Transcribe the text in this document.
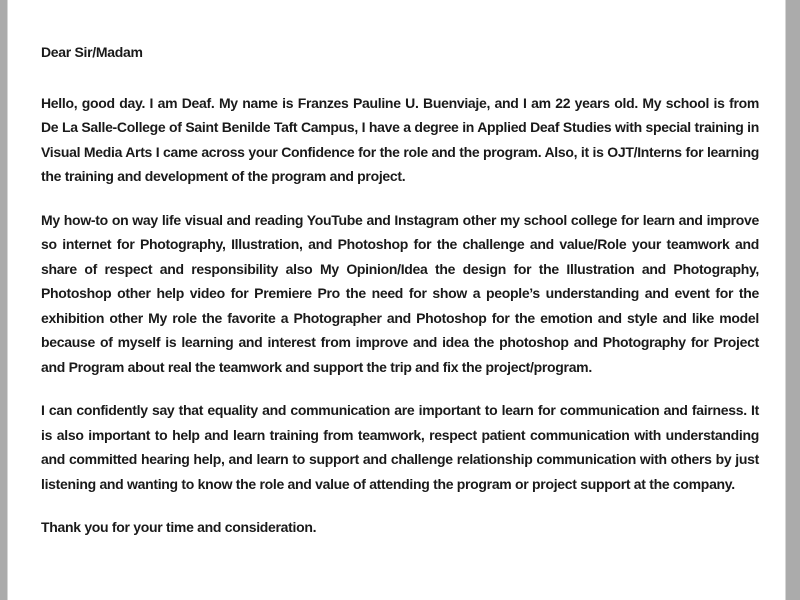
Dear Sir/Madam

Hello, good day. I am Deaf. My name is Franzes Pauline U. Buenviaje, and I am 22 years old. My school is from De La Salle-College of Saint Benilde Taft Campus, I have a degree in Applied Deaf Studies with special training in Visual Media Arts I came across your Confidence for the role and the program. Also, it is OJT/Interns for learning the training and development of the program and project.

My how-to on way life visual and reading YouTube and Instagram other my school college for learn and improve so internet for Photography, Illustration, and Photoshop for the challenge and value/Role your teamwork and share of respect and responsibility also My Opinion/Idea the design for the Illustration and Photography, Photoshop other help video for Premiere Pro the need for show a people’s understanding and event for the exhibition other My role the favorite a Photographer and Photoshop for the emotion and style and like model because of myself is learning and interest from improve and idea the photoshop and Photography for Project and Program about real the teamwork and support the trip and fix the project/program.

I can confidently say that equality and communication are important to learn for communication and fairness. It is also important to help and learn training from teamwork, respect patient communication with understanding and committed hearing help, and learn to support and challenge relationship communication with others by just listening and wanting to know the role and value of attending the program or project support at the company.

Thank you for your time and consideration.
